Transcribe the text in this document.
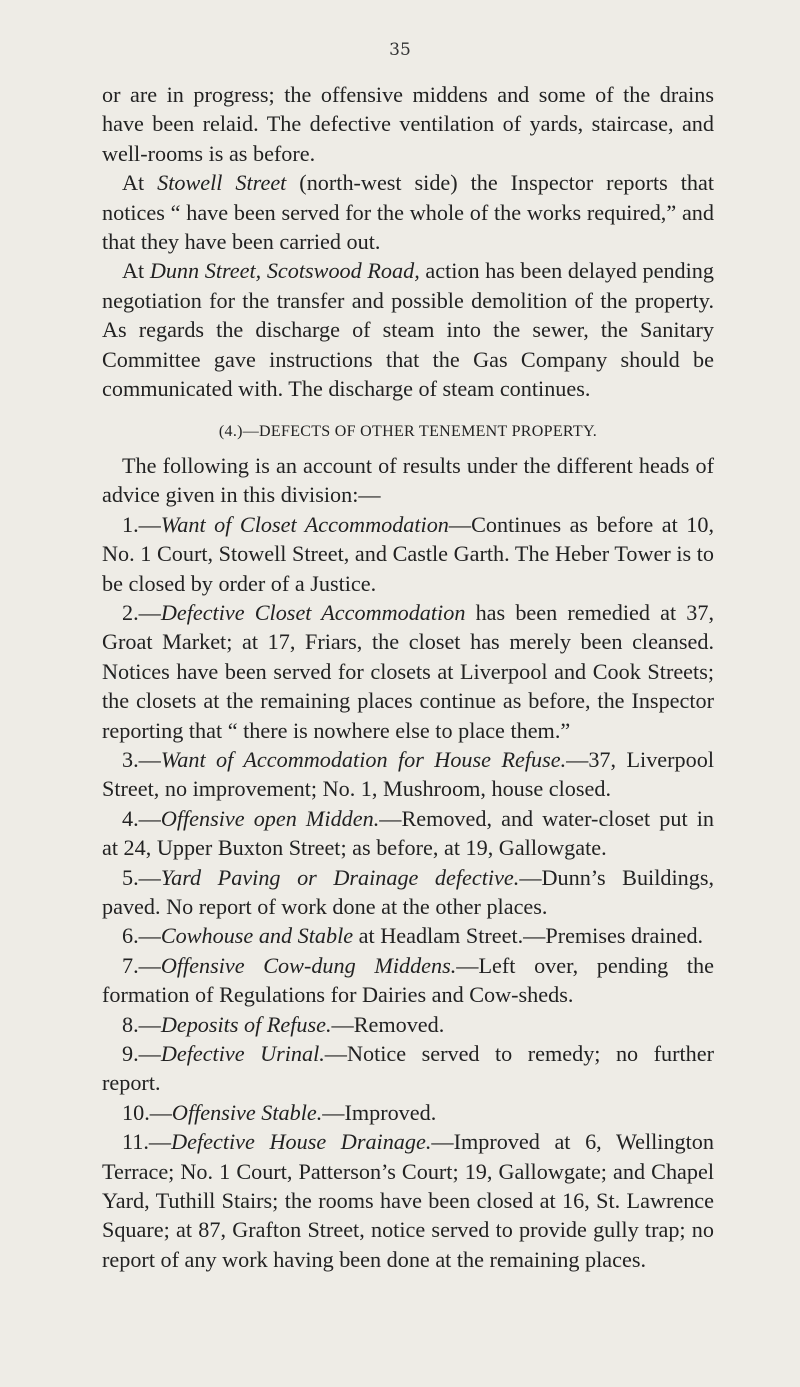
35

or are in progress; the offensive middens and some of the drains have been relaid. The defective ventilation of yards, staircase, and well-rooms is as before.

At Stowell Street (north-west side) the Inspector reports that notices “ have been served for the whole of the works required,” and that they have been carried out.

At Dunn Street, Scotswood Road, action has been delayed pending negotiation for the transfer and possible demolition of the property. As regards the discharge of steam into the sewer, the Sanitary Committee gave instructions that the Gas Company should be communicated with. The discharge of steam continues.

(4.)—DEFECTS OF OTHER TENEMENT PROPERTY.

The following is an account of results under the different heads of advice given in this division:—

1.—Want of Closet Accommodation—Continues as before at 10, No. 1 Court, Stowell Street, and Castle Garth. The Heber Tower is to be closed by order of a Justice.

2.—Defective Closet Accommodation has been remedied at 37, Groat Market; at 17, Friars, the closet has merely been cleansed. Notices have been served for closets at Liverpool and Cook Streets; the closets at the remaining places continue as before, the Inspector reporting that “ there is nowhere else to place them.”

3.—Want of Accommodation for House Refuse.—37, Liverpool Street, no improvement; No. 1, Mushroom, house closed.

4.—Offensive open Midden.—Removed, and water-closet put in at 24, Upper Buxton Street; as before, at 19, Gallowgate.

5.—Yard Paving or Drainage defective.—Dunn’s Buildings, paved. No report of work done at the other places.

6.—Cowhouse and Stable at Headlam Street.—Premises drained.

7.—Offensive Cow-dung Middens.—Left over, pending the formation of Regulations for Dairies and Cow-sheds.

8.—Deposits of Refuse.—Removed.

9.—Defective Urinal.—Notice served to remedy; no further report.

10.—Offensive Stable.—Improved.

11.—Defective House Drainage.—Improved at 6, Wellington Terrace; No. 1 Court, Patterson’s Court; 19, Gallowgate; and Chapel Yard, Tuthill Stairs; the rooms have been closed at 16, St. Lawrence Square; at 87, Grafton Street, notice served to provide gully trap; no report of any work having been done at the remaining places.
